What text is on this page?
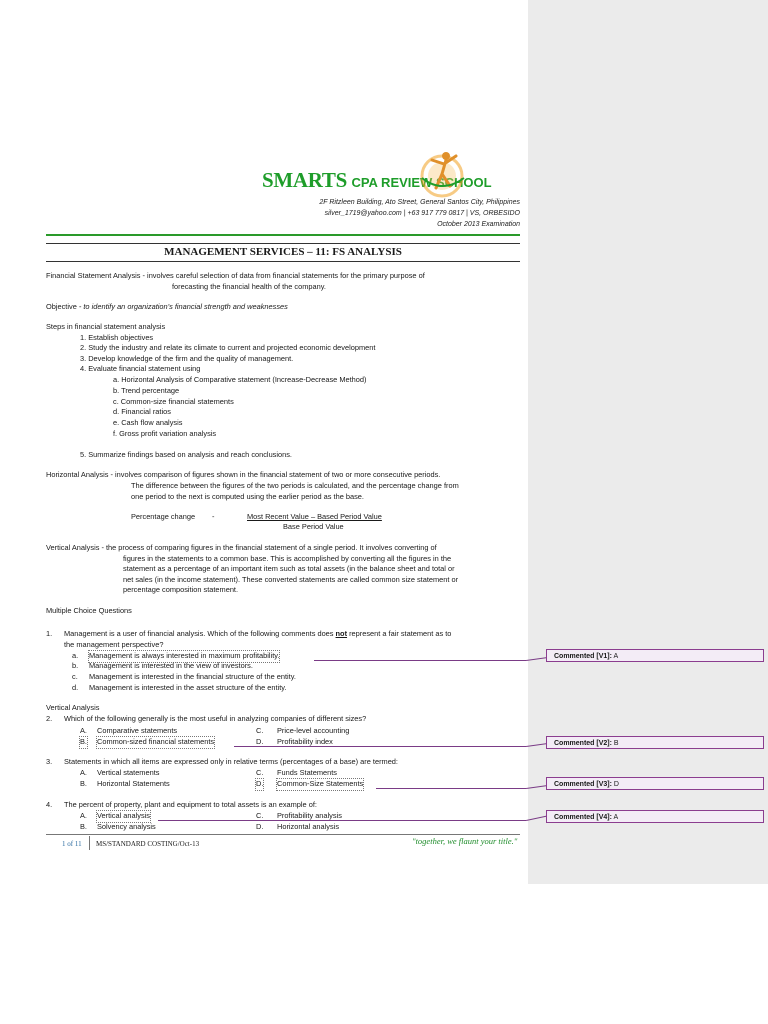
SMARTS CPA REVIEW SCHOOL
2F Ritzleen Building, Ato Street, General Santos City, Philippines
silver_1719@yahoo.com | +63 917 779 0817 | VS, ORBESIDO
October 2013 Examination
MANAGEMENT SERVICES – 11: FS ANALYSIS
Financial Statement Analysis - involves careful selection of data from financial statements for the primary purpose of
forecasting the financial health of the company.
Objective - to identify an organization’s financial strength and weaknesses
Steps in financial statement analysis
1. Establish objectives
2. Study the industry and relate its climate to current and projected economic development
3. Develop knowledge of the firm and the quality of management.
4. Evaluate financial statement using
a. Horizontal Analysis of Comparative statement (Increase-Decrease Method)
b. Trend percentage
c. Common-size financial statements
d. Financial ratios
e. Cash flow analysis
f. Gross profit variation analysis
5. Summarize findings based on analysis and reach conclusions.
Horizontal Analysis - involves comparison of figures shown in the financial statement of two or more consecutive periods.
The difference between the figures of the two periods is calculated, and the percentage change from
one period to the next is computed using the earlier period as the base.
Percentage change -	Most Recent Value – Based Period Value
Base Period Value
Vertical Analysis - the process of comparing figures in the financial statement of a single period. It involves converting of
figures in the statements to a common base. This is accomplished by converting all the figures in the
statement as a percentage of an important item such as total assets (in the balance sheet and total or
net sales (in the income statement). These converted statements are called common size statement or
percentage composition statement.
Multiple Choice Questions
1. Management is a user of financial analysis. Which of the following comments does not represent a fair statement as to
the management perspective?
a. Management is always interested in maximum profitability.
b. Management is interested in the view of investors.
c. Management is interested in the financial structure of the entity.
d. Management is interested in the asset structure of the entity.
Vertical Analysis
2. Which of the following generally is the most useful in analyzing companies of different sizes?
A. Comparative statements	C. Price-level accounting
B. Common-sized financial statements	D. Profitability index
3. Statements in which all items are expressed only in relative terms (percentages of a base) are termed:
A. Vertical statements	C. Funds Statements
B. Horizontal Statements	D. Common-Size Statements
4. The percent of property, plant and equipment to total assets is an example of:
A. Vertical analysis	C. Profitability analysis
B. Solvency analysis	D. Horizontal analysis
Commented [V1]: A
Commented [V2]: B
Commented [V3]: D
Commented [V4]: A
1 of 11 MS/STANDARD COSTING/Oct-13	"together, we flaunt your title."
